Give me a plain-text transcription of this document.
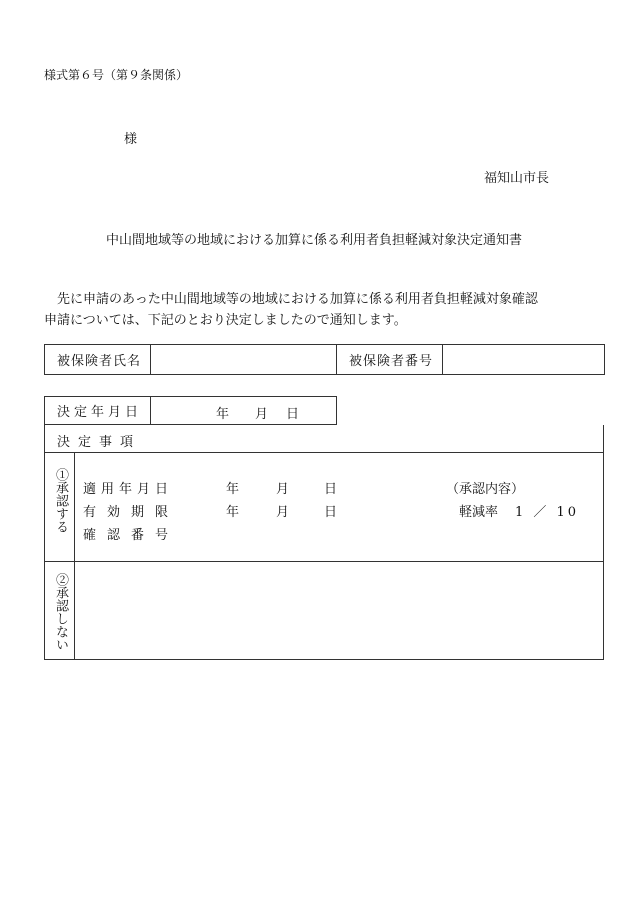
様式第６号（第９条関係）
様
福知山市長
中山間地域等の地域における加算に係る利用者負担軽減対象決定通知書

先に申請のあった中山間地域等の地域における加算に係る利用者負担軽減対象確認

申請については、下記のとおり決定しましたので通知します。

被保険者氏名		被保険者番号	
決定年月日	年 月 日
決定事項
①承認する 適用年月日	年	月	日	（承認内容）
有効期限	年	月	日	軽減率 1 ／ 10
確認番号
②承認しない
